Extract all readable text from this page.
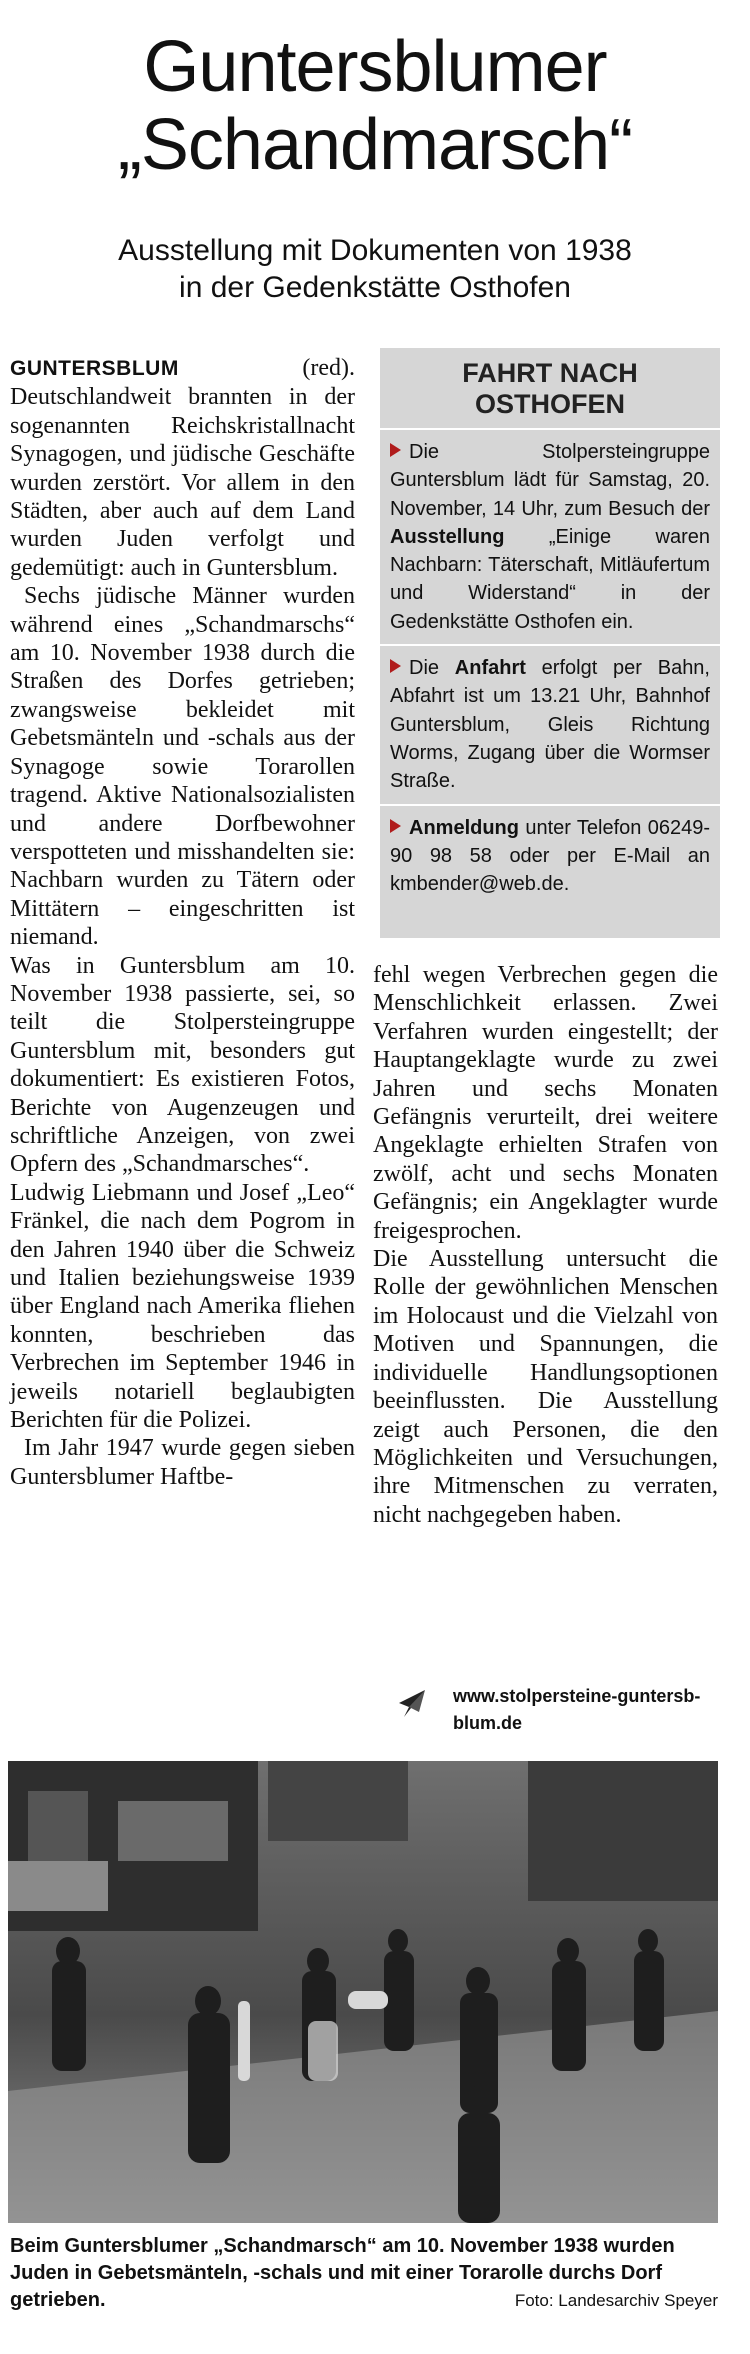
Guntersblumer
„Schandmarsch“
Ausstellung mit Dokumenten von 1938
in der Gedenkstätte Osthofen

GUNTERSBLUM	(red).

Deutschlandweit brannten in der sogenannten Reichskristallnacht Synagogen, und jüdische Geschäfte wurden zerstört. Vor allem in den Städten, aber auch auf dem Land wurden Juden verfolgt und gedemütigt: auch in Guntersblum.

Sechs jüdische Männer wurden während eines „Schandmarschs“ am 10. November 1938 durch die Straßen des Dorfes getrieben; zwangsweise bekleidet mit Gebetsmänteln und -schals aus der Synagoge sowie Torarollen tragend. Aktive Nationalsozialisten und andere Dorfbewohner verspotteten und misshandelten sie: Nachbarn wurden zu Tätern oder Mittätern – eingeschritten ist niemand.

Was in Guntersblum am 10. November 1938 passierte, sei, so teilt die Stolpersteingruppe Guntersblum mit, besonders gut dokumentiert: Es existieren Fotos, Berichte von Augenzeugen und schriftliche Anzeigen, von zwei Opfern des „Schandmarsches“.

Ludwig Liebmann und Josef „Leo“ Fränkel, die nach dem Pogrom in den Jahren 1940 über die Schweiz und Italien beziehungsweise 1939 über England nach Amerika fliehen konnten, beschrieben das Verbrechen im September 1946 in jeweils notariell beglaubigten Berichten für die Polizei.

Im Jahr 1947 wurde gegen sieben Guntersblumer Haftbe-

FAHRT NACH
OSTHOFEN

Die Stolpersteingruppe Guntersblum lädt für Samstag, 20. November, 14 Uhr, zum Besuch der Ausstellung „Einige waren Nachbarn: Täterschaft, Mitläufertum und Widerstand“ in der Gedenkstätte Osthofen ein.

Die Anfahrt erfolgt per Bahn, Abfahrt ist um 13.21 Uhr, Bahnhof Guntersblum, Gleis Richtung Worms, Zugang über die Wormser Straße.

Anmeldung unter Telefon 06249-90 98 58 oder per E-Mail an kmbender@web.de.

fehl wegen Verbrechen gegen die Menschlichkeit erlassen. Zwei Verfahren wurden eingestellt; der Hauptangeklagte wurde zu zwei Jahren und sechs Monaten Gefängnis verurteilt, drei weitere Angeklagte erhielten Strafen von zwölf, acht und sechs Monaten Gefängnis; ein Angeklagter wurde freigesprochen.

Die Ausstellung untersucht die Rolle der gewöhnlichen Menschen im Holocaust und die Vielzahl von Motiven und Spannungen, die individuelle Handlungsoptionen beeinflussten. Die Ausstellung zeigt auch Personen, die den Möglichkeiten und Versuchungen, ihre Mitmenschen zu verraten, nicht nachgegeben haben.

www.stolpersteine-guntersb-
blum.de
Beim Guntersblumer „Schandmarsch“ am 10. November 1938 wurden Juden in Gebetsmänteln, -schals und mit einer Torarolle durchs Dorf getrieben.	Foto: Landesarchiv Speyer
